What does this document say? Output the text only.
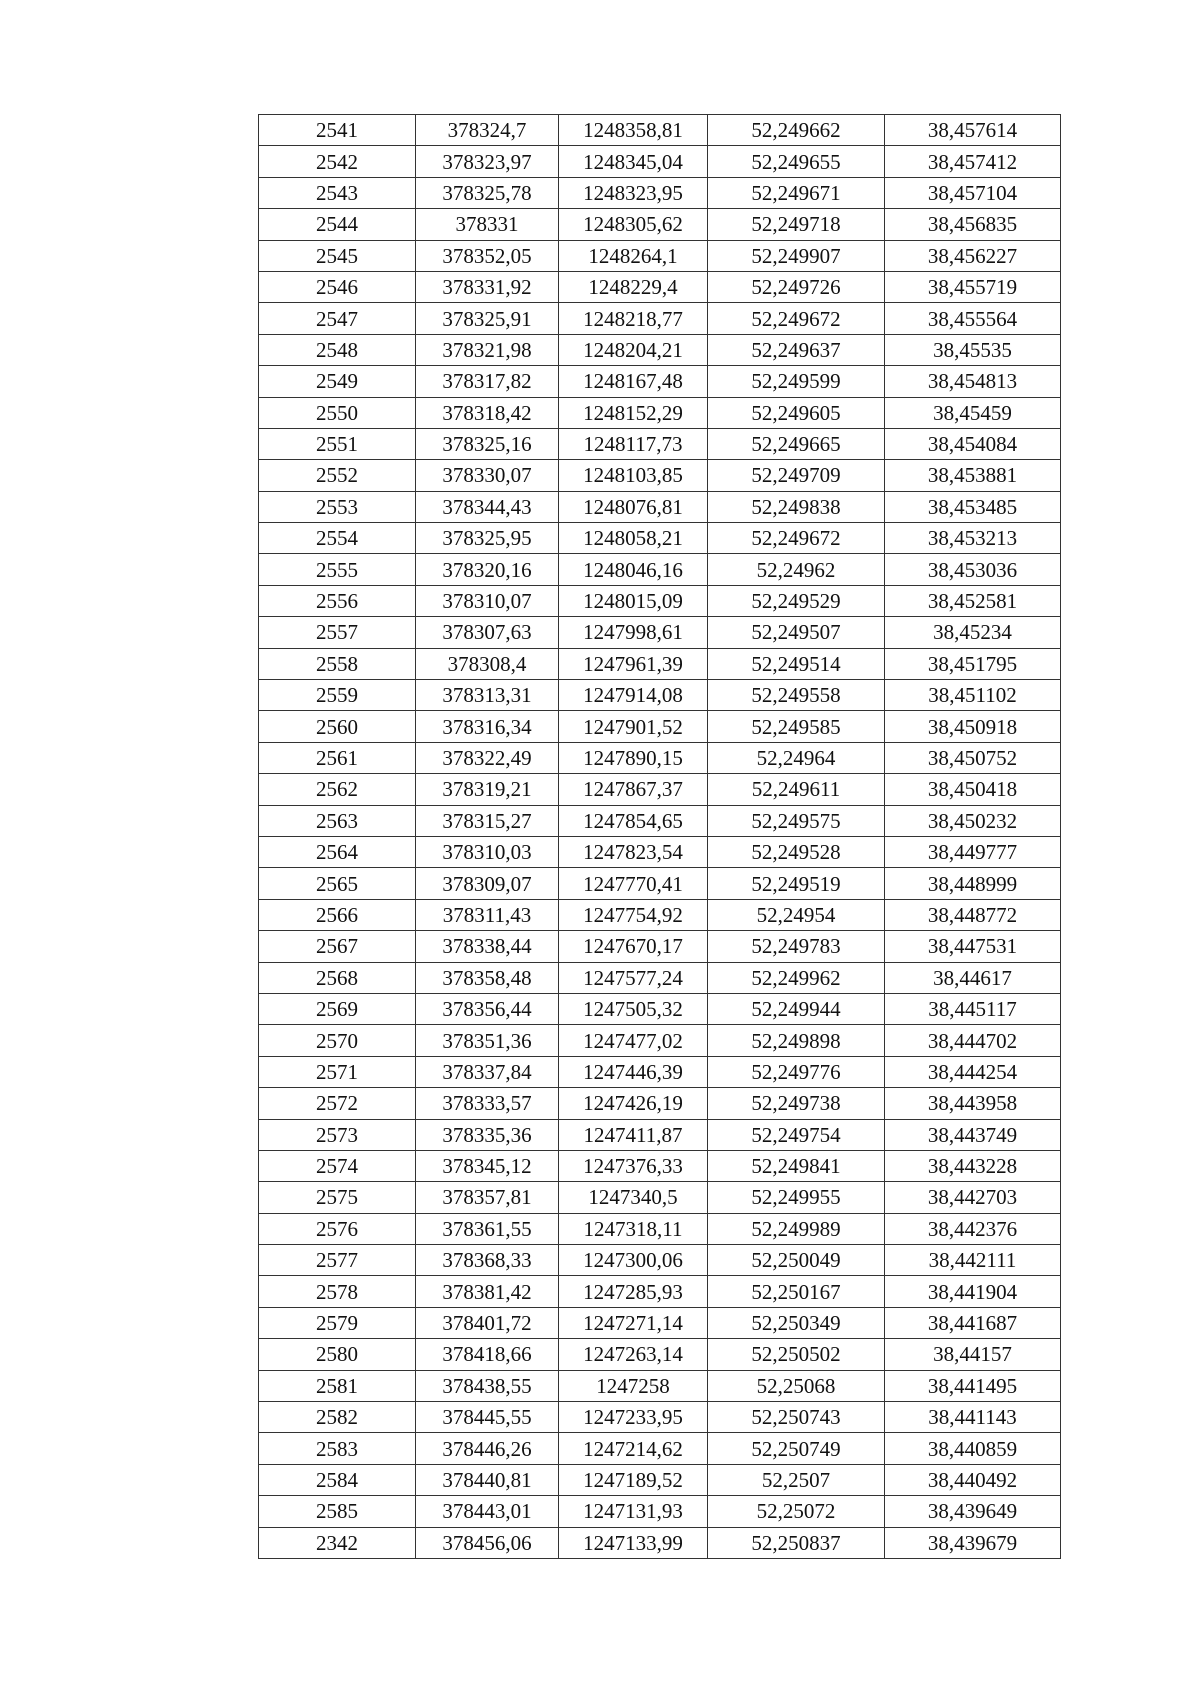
2541	378324,7	1248358,81	52,249662	38,457614
2542	378323,97	1248345,04	52,249655	38,457412
2543	378325,78	1248323,95	52,249671	38,457104
2544	378331	1248305,62	52,249718	38,456835
2545	378352,05	1248264,1	52,249907	38,456227
2546	378331,92	1248229,4	52,249726	38,455719
2547	378325,91	1248218,77	52,249672	38,455564
2548	378321,98	1248204,21	52,249637	38,45535
2549	378317,82	1248167,48	52,249599	38,454813
2550	378318,42	1248152,29	52,249605	38,45459
2551	378325,16	1248117,73	52,249665	38,454084
2552	378330,07	1248103,85	52,249709	38,453881
2553	378344,43	1248076,81	52,249838	38,453485
2554	378325,95	1248058,21	52,249672	38,453213
2555	378320,16	1248046,16	52,24962	38,453036
2556	378310,07	1248015,09	52,249529	38,452581
2557	378307,63	1247998,61	52,249507	38,45234
2558	378308,4	1247961,39	52,249514	38,451795
2559	378313,31	1247914,08	52,249558	38,451102
2560	378316,34	1247901,52	52,249585	38,450918
2561	378322,49	1247890,15	52,24964	38,450752
2562	378319,21	1247867,37	52,249611	38,450418
2563	378315,27	1247854,65	52,249575	38,450232
2564	378310,03	1247823,54	52,249528	38,449777
2565	378309,07	1247770,41	52,249519	38,448999
2566	378311,43	1247754,92	52,24954	38,448772
2567	378338,44	1247670,17	52,249783	38,447531
2568	378358,48	1247577,24	52,249962	38,44617
2569	378356,44	1247505,32	52,249944	38,445117
2570	378351,36	1247477,02	52,249898	38,444702
2571	378337,84	1247446,39	52,249776	38,444254
2572	378333,57	1247426,19	52,249738	38,443958
2573	378335,36	1247411,87	52,249754	38,443749
2574	378345,12	1247376,33	52,249841	38,443228
2575	378357,81	1247340,5	52,249955	38,442703
2576	378361,55	1247318,11	52,249989	38,442376
2577	378368,33	1247300,06	52,250049	38,442111
2578	378381,42	1247285,93	52,250167	38,441904
2579	378401,72	1247271,14	52,250349	38,441687
2580	378418,66	1247263,14	52,250502	38,44157
2581	378438,55	1247258	52,25068	38,441495
2582	378445,55	1247233,95	52,250743	38,441143
2583	378446,26	1247214,62	52,250749	38,440859
2584	378440,81	1247189,52	52,2507	38,440492
2585	378443,01	1247131,93	52,25072	38,439649
2342	378456,06	1247133,99	52,250837	38,439679
